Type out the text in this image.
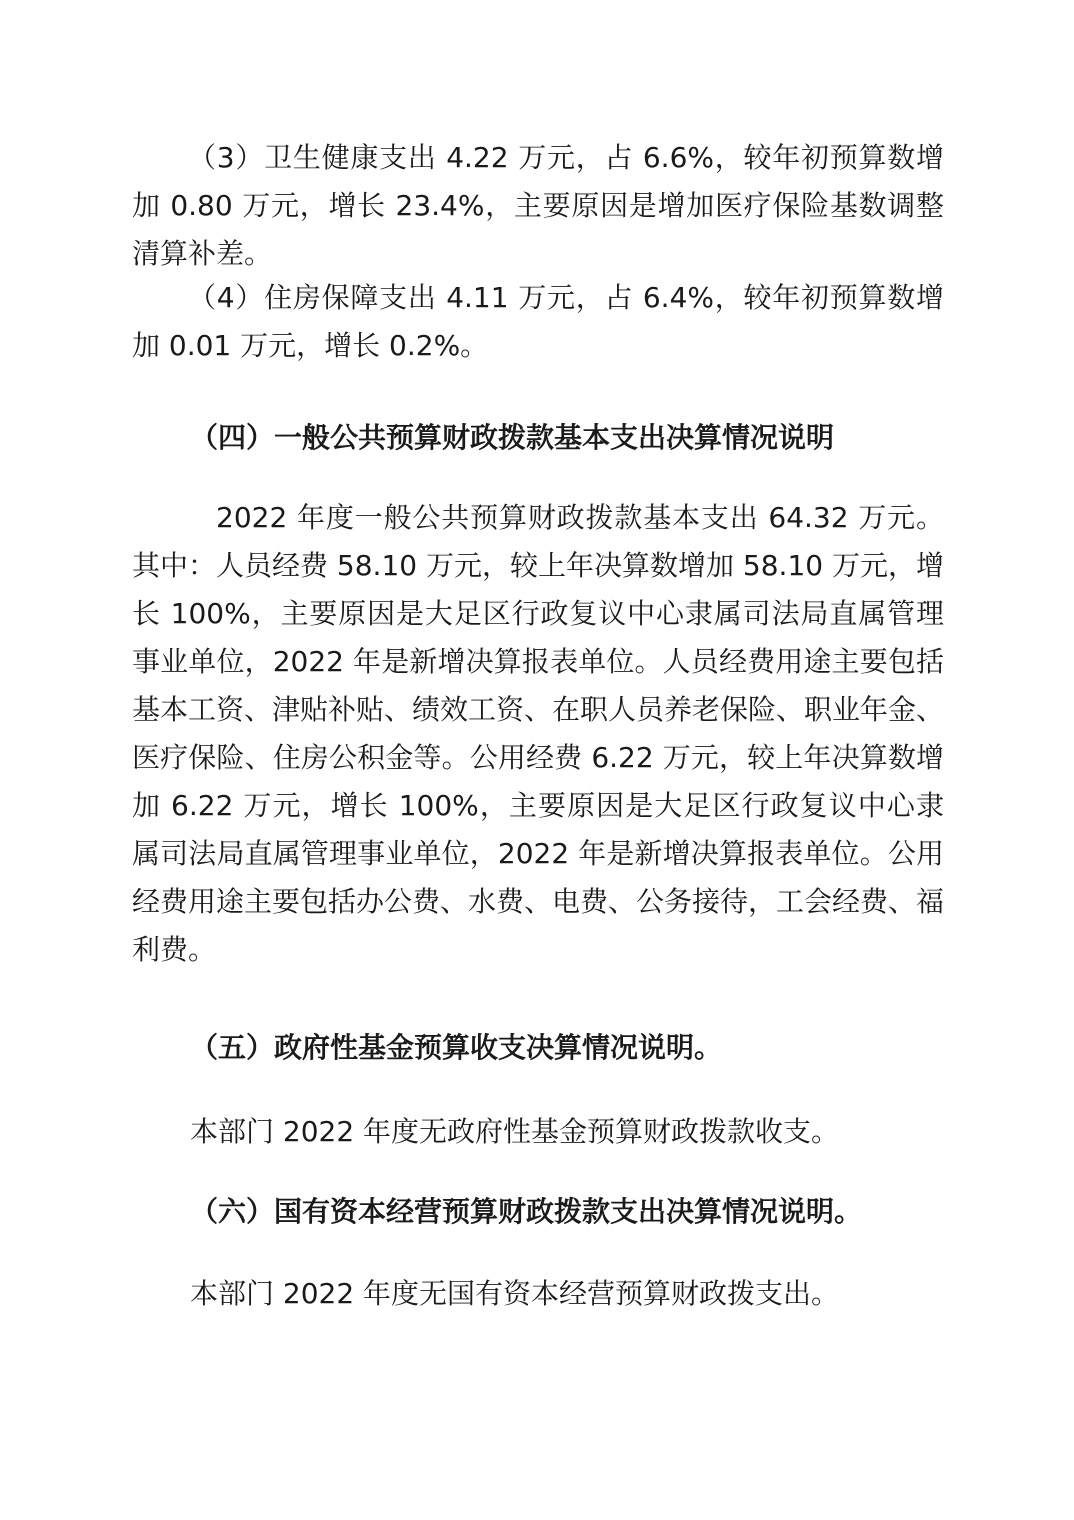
（3）卫生健康支出 4.22 万元，占 6.6%，较年初预算数增加 0.80 万元，增长 23.4%，主要原因是增加医疗保险基数调整清算补差。

（4）住房保障支出 4.11 万元，占 6.4%，较年初预算数增加 0.01 万元，增长 0.2%。

（四）一般公共预算财政拨款基本支出决算情况说明

2022 年度一般公共预算财政拨款基本支出 64.32 万元。其中：人员经费 58.10 万元，较上年决算数增加 58.10 万元，增长 100%，主要原因是大足区行政复议中心隶属司法局直属管理事业单位，2022 年是新增决算报表单位。人员经费用途主要包括基本工资、津贴补贴、绩效工资、在职人员养老保险、职业年金、医疗保险、住房公积金等。公用经费 6.22 万元，较上年决算数增加 6.22 万元，增长 100%，主要原因是大足区行政复议中心隶属司法局直属管理事业单位，2022 年是新增决算报表单位。公用经费用途主要包括办公费、水费、电费、公务接待，工会经费、福利费。

（五）政府性基金预算收支决算情况说明。

本部门 2022 年度无政府性基金预算财政拨款收支。

（六）国有资本经营预算财政拨款支出决算情况说明。

本部门 2022 年度无国有资本经营预算财政拨支出。
